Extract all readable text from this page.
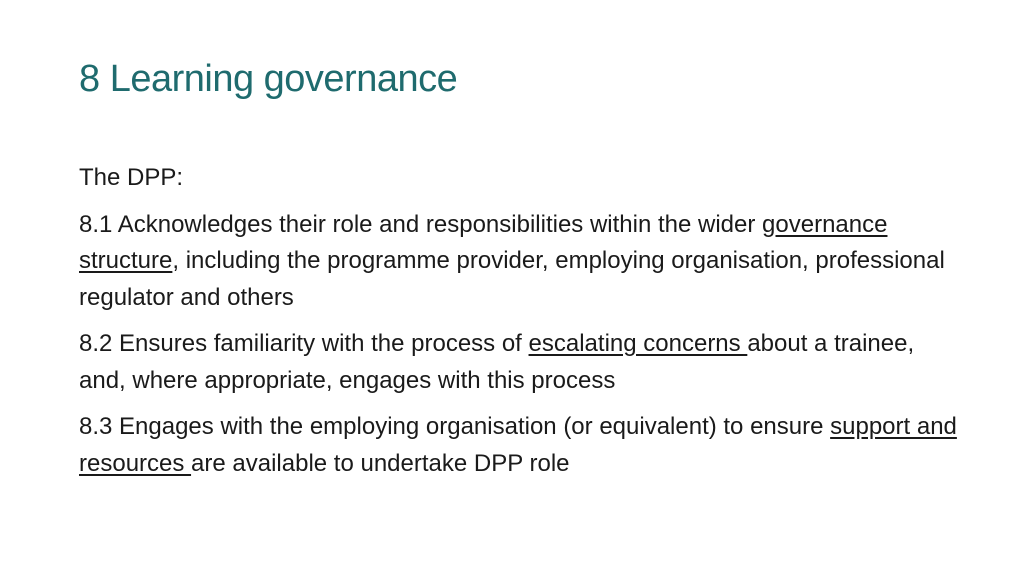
8 Learning governance

The DPP:

8.1 Acknowledges their role and responsibilities within the wider governance structure, including the programme provider, employing organisation, professional regulator and others

8.2 Ensures familiarity with the process of escalating concerns about a trainee, and, where appropriate, engages with this process

8.3 Engages with the employing organisation (or equivalent) to ensure support and resources are available to undertake DPP role
